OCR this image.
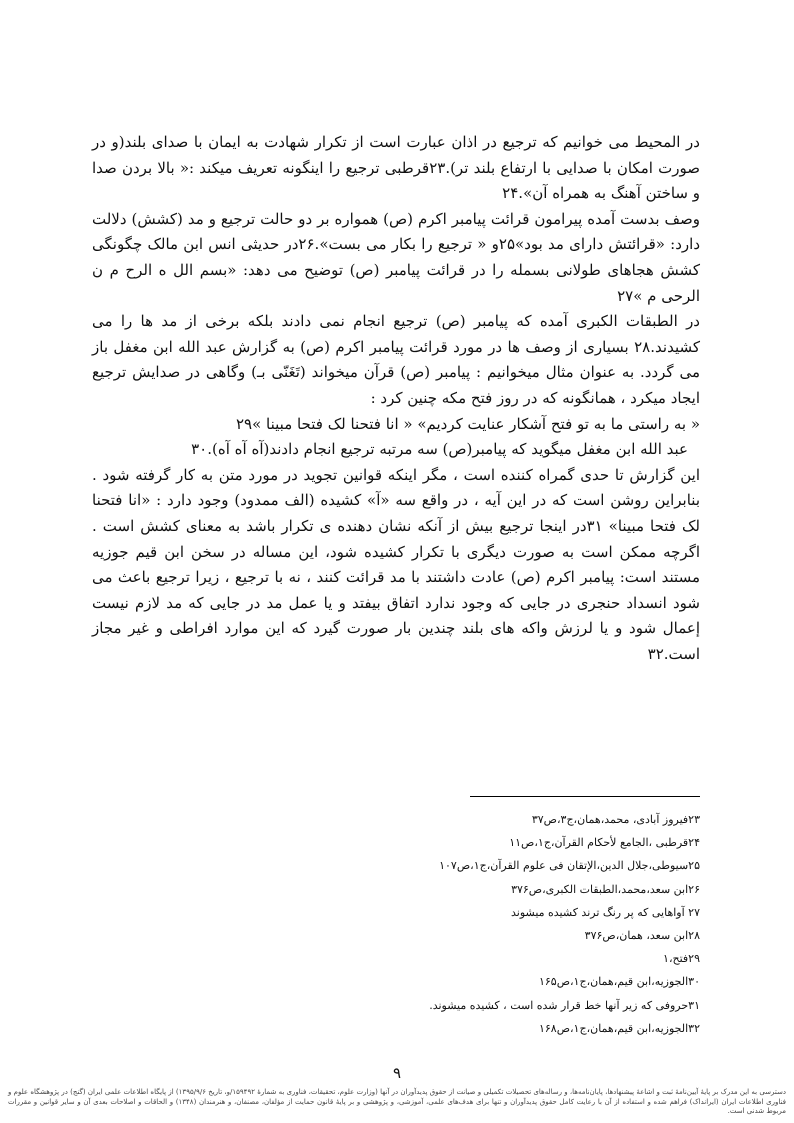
در المحیط می خوانیم که ترجیع در اذان عبارت است از تکرار شهادت به ایمان با صدای بلند(و در صورت امکان با صدایی با ارتفاع بلند تر).۲۳قرطبی ترجیع را اینگونه تعریف میکند :« بالا بردن صدا و ساختن آهنگ به همراه آن».۲۴

وصف بدست آمده پیرامون قرائت پیامبر اکرم (ص) همواره بر دو حالت ترجیع و مد (کشش) دلالت دارد: «قرائتش دارای مد بود»۲۵و « ترجیع را بکار می بست».۲۶در حدیثی انس ابن مالک چگونگی کشش هجاهای طولانی بسمله را در قرائت پیامبر (ص) توضیح می دهد: «بسم الل ه الرح م ن الرحی م »۲۷

در الطبقات الکبری آمده که پیامبر (ص) ترجیع انجام نمی دادند بلکه برخی از مد ها را می کشیدند.۲۸ بسیاری از وصف ها در مورد قرائت پیامبر اکرم (ص) به گزارش عبد الله ابن مغفل باز می گردد. به عنوان مثال میخوانیم : پیامبر (ص) قرآن میخواند (تَغَنّی بـ) وگاهی در صدایش ترجیع ایجاد میکرد ، همانگونه که در روز فتح مکه چنین کرد :

« به راستی ما به تو فتح آشکار عنایت کردیم» « انا فتحنا لک فتحا مبینا »۲۹

عبد الله ابن مغفل میگوید که پیامبر(ص) سه مرتبه ترجیع انجام دادند(آه آه آه).۳۰

این گزارش تا حدی گمراه کننده است ، مگر اینکه قوانین تجوید در مورد متن به کار گرفته شود . بنابراین روشن است که در این آیه ، در واقع سه «آ» کشیده (الف ممدود) وجود دارد : «انا فتحنا لک فتحا مبینا» ۳۱در اینجا ترجیع بیش از آنکه نشان دهنده ی تکرار باشد به معنای کشش است . اگرچه ممکن است به صورت دیگری با تکرار کشیده شود، این مساله در سخن ابن قیم جوزیه مستند است: پیامبر اکرم (ص) عادت داشتند با مد قرائت کنند ، نه با ترجیع ، زیرا ترجیع باعث می شود انسداد حنجری در جایی که وجود ندارد اتفاق بیفتد و یا عمل مد در جایی که مد لازم نیست إعمال شود و یا لرزش واکه های بلند چندین بار صورت گیرد که این موارد افراطی و غیر مجاز است.۳۲

۲۳فیروز آبادی، محمد،همان،ج۳،ص۳۷
۲۴قرطبی ،الجامع لأحکام القرآن،ج۱،ص۱۱
۲۵سیوطی،جلال الدین،الإتقان فی علوم القرآن،ج۱،ص۱۰۷
۲۶ابن سعد،محمد،الطبقات الکبری،ص۳۷۶
۲۷ آواهایی که پر رنگ ترند کشیده میشوند
۲۸ابن سعد، همان،ص۳۷۶
۲۹فتح،۱
۳۰الجوزیه،ابن قیم،همان،ج۱،ص۱۶۵
۳۱حروفی که زیر آنها خط قرار شده است ، کشیده میشوند.
۳۲الجوزیه،ابن قیم،همان،ج۱،ص۱۶۸
۹
دسترسی به این مدرک بر پایهٔ آیین‌نامهٔ ثبت و اشاعهٔ پیشنهادها، پایان‌نامه‌ها، و رساله‌های تحصیلات تکمیلی و صیانت از حقوق پدیدآوران در آنها (وزارت علوم، تحقیقات، فناوری به شمارهٔ ۱۵۹۴۹۲/و، تاریخ ۱۳۹۵/۹/۶) از پایگاه اطلاعات علمی ایران (گنج) در پژوهشگاه علوم و فناوری اطلاعات ایران (ایرانداک) فراهم شده و استفاده از آن با رعایت کامل حقوق پدیدآوران و تنها برای هدف‌های علمی، آموزشی، و پژوهشی و بر پایهٔ قانون حمایت از مؤلفان، مصنفان، و هنرمندان (۱۳۴۸) و الحاقات و اصلاحات بعدی آن و سایر قوانین و مقررات مربوط شدنی است.
